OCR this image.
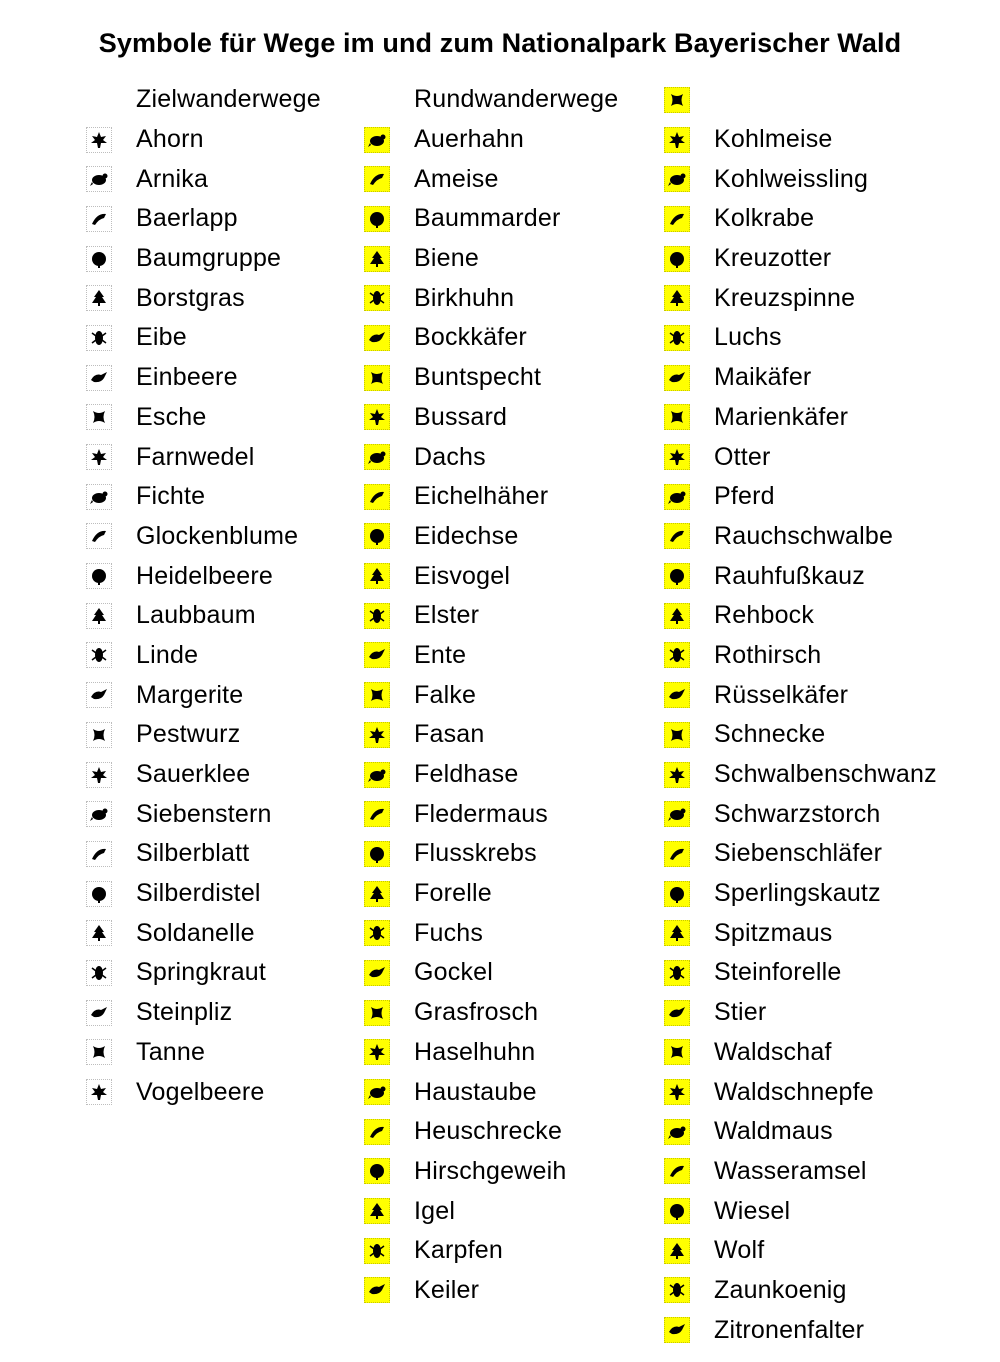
Symbole für Wege im und zum Nationalpark Bayerischer Wald
Zielwanderwege
Ahorn
Arnika
Baerlapp
Baumgruppe
Borstgras
Eibe
Einbeere
Esche
Farnwedel
Fichte
Glockenblume
Heidelbeere
Laubbaum
Linde
Margerite
Pestwurz
Sauerklee
Siebenstern
Silberblatt
Silberdistel
Soldanelle
Springkraut
Steinpliz
Tanne
Vogelbeere
Rundwanderwege
Auerhahn
Ameise
Baummarder
Biene
Birkhuhn
Bockkäfer
Buntspecht
Bussard
Dachs
Eichelhäher
Eidechse
Eisvogel
Elster
Ente
Falke
Fasan
Feldhase
Fledermaus
Flusskrebs
Forelle
Fuchs
Gockel
Grasfrosch
Haselhuhn
Haustaube
Heuschrecke
Hirschgeweih
Igel
Karpfen
Keiler
Kohlmeise
Kohlweissling
Kolkrabe
Kreuzotter
Kreuzspinne
Luchs
Maikäfer
Marienkäfer
Otter
Pferd
Rauchschwalbe
Rauhfußkauz
Rehbock
Rothirsch
Rüsselkäfer
Schnecke
Schwalbenschwanz
Schwarzstorch
Siebenschläfer
Sperlingskautz
Spitzmaus
Steinforelle
Stier
Waldschaf
Waldschnepfe
Waldmaus
Wasseramsel
Wiesel
Wolf
Zaunkoenig
Zitronenfalter
